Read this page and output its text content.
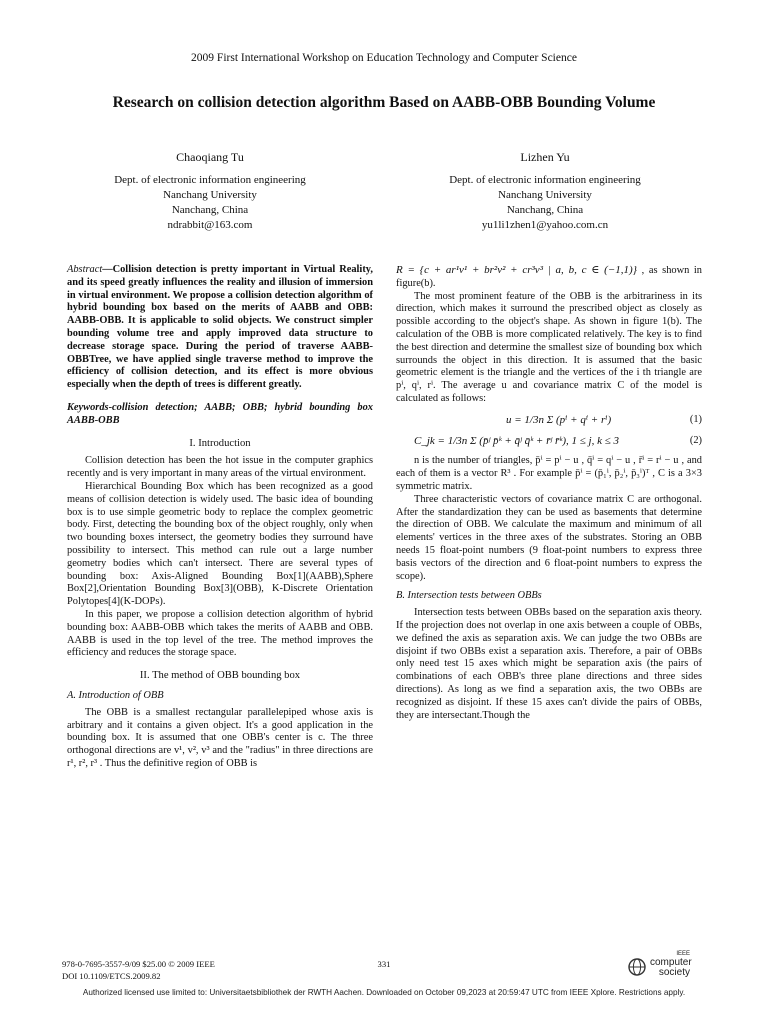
2009 First International Workshop on Education Technology and Computer Science
Research on collision detection algorithm Based on AABB-OBB Bounding Volume
Chaoqiang Tu
Dept. of electronic information engineering
Nanchang University
Nanchang, China
ndrabbit@163.com
Lizhen Yu
Dept. of electronic information engineering
Nanchang University
Nanchang, China
yu1li1zhen1@yahoo.com.cn

Abstract—Collision detection is pretty important in Virtual Reality, and its speed greatly influences the reality and illusion of immersion in virtual environment. We propose a collision detection algorithm of hybrid bounding box based on the merits of AABB and OBB: AABB-OBB. It is applicable to solid objects. We construct simpler bounding volume tree and apply improved data structure to decrease storage space. During the period of traverse AABB-OBBTree, we have applied single traverse method to improve the efficiency of collision detection, and its effect is more obvious especially when the depth of trees is different greatly.

Keywords-collision detection; AABB; OBB; hybrid bounding box AABB-OBB

I. Introduction

Collision detection has been the hot issue in the computer graphics recently and is very important in many areas of the virtual environment.

Hierarchical Bounding Box which has been recognized as a good means of collision detection is widely used. The basic idea of bounding box is to use simple geometric body to replace the complex geometric body. First, detecting the bounding box of the object roughly, only when two bounding boxes intersect, the geometry bodies they surround have possibility to intersect. This method can rule out a large number geometry bodies which can't intersect. There are several types of bounding box: Axis-Aligned Bounding Box[1](AABB),Sphere Box[2],Orientation Bounding Box[3](OBB), K-Discrete Orientation Polytopes[4](K-DOPs).

In this paper, we propose a collision detection algorithm of hybrid bounding box: AABB-OBB which takes the merits of AABB and OBB. AABB is used in the top level of the tree. The method improves the efficiency and reduces the storage space.

II. The method of OBB bounding box
A. Introduction of OBB

The OBB is a smallest rectangular parallelepiped whose axis is arbitrary and it contains a given object. It's a good application in the bounding box. It is assumed that one OBB's center is c. The three orthogonal directions are v¹, v², v³ and the "radius" in three directions are r¹, r², r³ . Thus the definitive region of OBB is

R = {c + ar¹v¹ + br²v² + cr³v³ | a, b, c ∈ (−1,1)} , as shown in figure(b).

The most prominent feature of the OBB is the arbitrariness in its direction, which makes it surround the prescribed object as closely as possible according to the object's shape. As shown in figure 1(b). The calculation of the OBB is more complicated relatively. The key is to find the best direction and determine the smallest size of bounding box which surrounds the object in this direction. It is assumed that the basic geometric element is the triangle and the vertices of the i th triangle are pⁱ, qⁱ, rⁱ. The average u and covariance matrix C of the model is calculated as follows:

u = 1/3n Σ (pⁱ + qⁱ + rⁱ)	(1)
C_jk = 1/3n Σ (p̄ʲ p̄ᵏ + q̄ʲ q̄ᵏ + r̄ʲ r̄ᵏ), 1 ≤ j, k ≤ 3	(2)

n is the number of triangles, p̄ⁱ = pⁱ − u , q̄ⁱ = qⁱ − u , r̄ⁱ = rⁱ − u , and each of them is a vector R³ . For example p̄ⁱ = (p̄₁ⁱ, p̄₂ⁱ, p̄₃ⁱ)ᵀ , C is a 3×3 symmetric matrix.

Three characteristic vectors of covariance matrix C are orthogonal. After the standardization they can be used as basements that determine the direction of OBB. We calculate the maximum and minimum of all elements' vertices in the three axes of the substrates. Storing an OBB needs 15 float-point numbers (9 float-point numbers to express three basis vectors of the direction and 6 float-point numbers to express the scope).

B. Intersection tests between OBBs

Intersection tests between OBBs based on the separation axis theory. If the projection does not overlap in one axis between a couple of OBBs, we defined the axis as separation axis. We can judge the two OBBs are disjoint if two OBBs exist a separation axis. Therefore, a pair of OBBs only need test 15 axes which might be separation axis (the pairs of combinations of each OBB's three plane directions and three sides directions). As long as we find a separation axis, the two OBBs are recognized as disjoint. If these 15 axes can't divide the pairs of OBBs, they are intersectant.Though the

978-0-7695-3557-9/09 $25.00 © 2009 IEEE
DOI 10.1109/ETCS.2009.82
331
IEEE
computer
society
Authorized licensed use limited to: Universitaetsbibliothek der RWTH Aachen. Downloaded on October 09,2023 at 20:59:47 UTC from IEEE Xplore. Restrictions apply.
